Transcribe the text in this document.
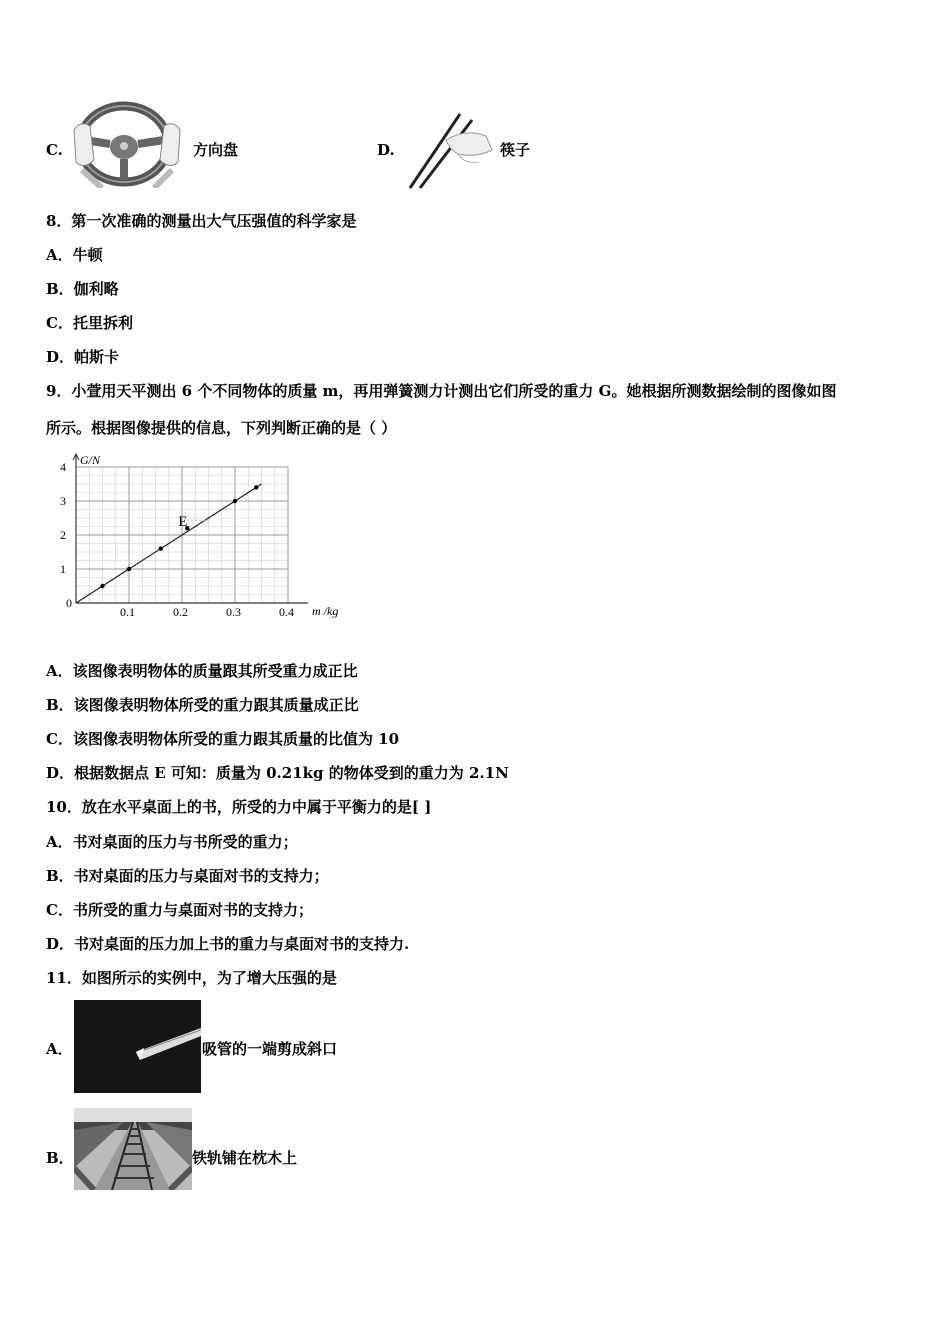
C.	方向盘	D.	筷子
8．第一次准确的测量出大气压强值的科学家是
A．牛顿
B．伽利略
C．托里拆利
D．帕斯卡
9．小萱用天平测出 6 个不同物体的质量 m，再用弹簧测力计测出它们所受的重力 G。她根据所测数据绘制的图像如图
所示。根据图像提供的信息，下列判断正确的是（ ）
0
0.1	0.2	0.3	0.4
1
2
3
4 G/N
m /kg
E
A．该图像表明物体的质量跟其所受重力成正比
B．该图像表明物体所受的重力跟其质量成正比
C．该图像表明物体所受的重力跟其质量的比值为 10
D．根据数据点 E 可知：质量为 0.21kg 的物体受到的重力为 2.1N
10．放在水平桌面上的书，所受的力中属于平衡力的是[ ]
A．书对桌面的压力与书所受的重力；
B．书对桌面的压力与桌面对书的支持力；
C．书所受的重力与桌面对书的支持力；
D．书对桌面的压力加上书的重力与桌面对书的支持力.
11．如图所示的实例中，为了增大压强的是
A．	吸管的一端剪成斜口
B．	铁轨铺在枕木上
